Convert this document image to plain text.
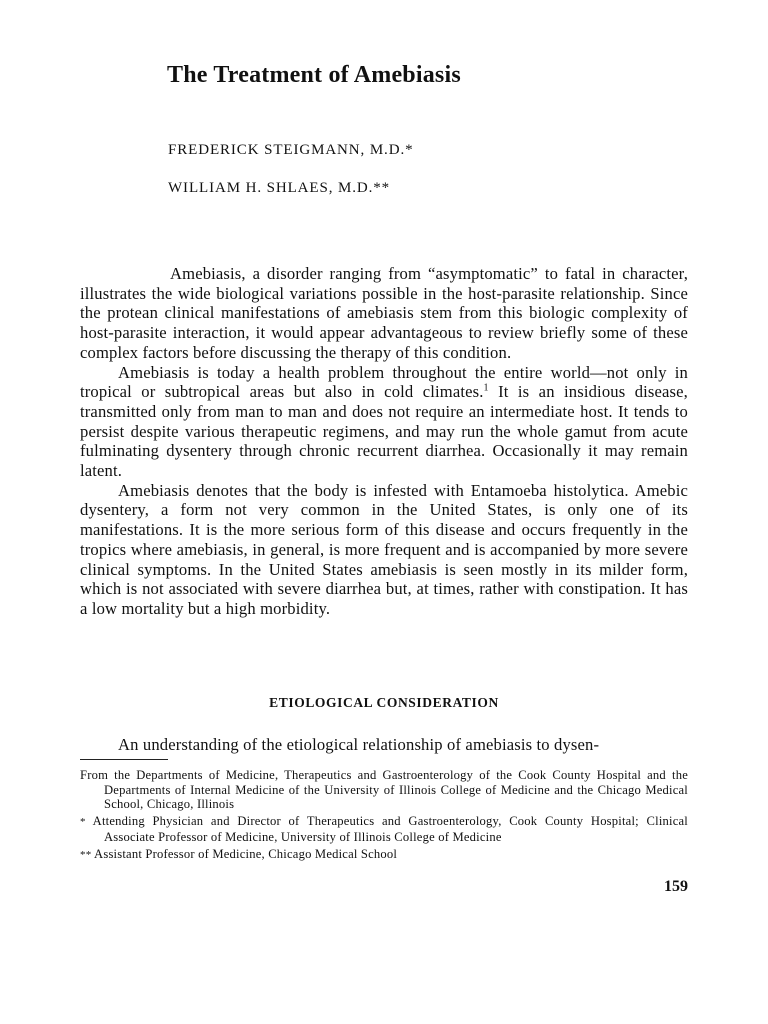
The Treatment of Amebiasis

FREDERICK STEIGMANN, M.D.*

WILLIAM H. SHLAES, M.D.**

Amebiasis, a disorder ranging from “asymptomatic” to fatal in character, illustrates the wide biological variations possible in the host-parasite relationship. Since the protean clinical manifestations of amebiasis stem from this biologic complexity of host-parasite interaction, it would appear advantageous to review briefly some of these complex factors before discussing the therapy of this condition.

Amebiasis is today a health problem throughout the entire world—not only in tropical or subtropical areas but also in cold climates.$^1$ It is an insidious disease, transmitted only from man to man and does not require an intermediate host. It tends to persist despite various therapeutic regimens, and may run the whole gamut from acute fulminating dysentery through chronic recurrent diarrhea. Occasionally it may remain latent.

Amebiasis denotes that the body is infested with Entamoeba histolytica. Amebic dysentery, a form not very common in the United States, is only one of its manifestations. It is the more serious form of this disease and occurs frequently in the tropics where amebiasis, in general, is more frequent and is accompanied by more severe clinical symptoms. In the United States amebiasis is seen mostly in its milder form, which is not associated with severe diarrhea but, at times, rather with constipation. It has a low mortality but a high morbidity.

ETIOLOGICAL CONSIDERATION

An understanding of the etiological relationship of amebiasis to dysen-

From the Departments of Medicine, Therapeutics and Gastroenterology of the Cook County Hospital and the Departments of Internal Medicine of the University of Illinois College of Medicine and the Chicago Medical School, Chicago, Illinois

* Attending Physician and Director of Therapeutics and Gastroenterology, Cook County Hospital; Clinical Associate Professor of Medicine, University of Illinois College of Medicine

** Assistant Professor of Medicine, Chicago Medical School

159
